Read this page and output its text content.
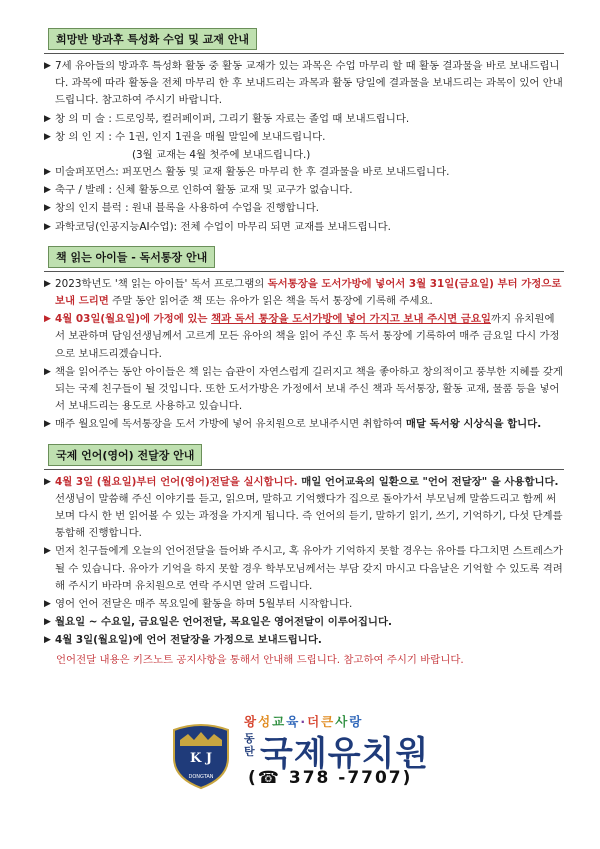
희망반 방과후 특성화 수업 및 교재 안내
▶ 7세 유아들의 방과후 특성화 활동 중 활동 교재가 있는 과목은 수업 마무리 할 때 활동 결과물을 바로 보내드립니다. 과목에 따라 활동을 전체 마무리 한 후 보내드리는 과목과 활동 당일에 결과물을 보내드리는 과목이 있어 안내드립니다. 참고하여 주시기 바랍니다.
▶ 창 의 미 술 : 드로잉북, 컬러페이퍼, 그리기 활동 자료는 졸업 때 보내드립니다.
▶ 창 의 인 지 : 수 1권, 인지 1권을 매월 말일에 보내드립니다.
(3월 교재는 4월 첫주에 보내드립니다.)
▶ 미술퍼포먼스: 퍼포먼스 활동 및 교재 활동은 마무리 한 후 결과물을 바로 보내드립니다.
▶ 축구 / 발레 : 신체 활동으로 인하여 활동 교재 및 교구가 없습니다.
▶ 창의 인지 블럭 : 원내 블록을 사용하여 수업을 진행합니다.
▶ 과학코딩(인공지능AI수업): 전체 수업이 마무리 되면 교재를 보내드립니다.
책 읽는 아이들 - 독서통장 안내
▶ 2023학년도 '책 읽는 아이들' 독서 프로그램의 독서통장을 도서가방에 넣어서 3월 31일(금요일) 부터 가정으로 보내 드리면 주말 동안 읽어준 책 또는 유아가 읽은 책을 독서 통장에 기록해 주세요.
▶ 4월 03일(월요일)에 가정에 있는 책과 독서 통장을 도서가방에 넣어 가지고 보내 주시면 금요일까지 유치원에서 보관하며 담임선생님께서 고르게 모든 유아의 책을 읽어 주신 후 독서 통장에 기록하여 매주 금요일 다시 가정으로 보내드리겠습니다.
▶ 책을 읽어주는 동안 아이들은 책 읽는 습관이 자연스럽게 길러지고 책을 좋아하고 창의적이고 풍부한 지혜를 갖게 되는 국제 친구들이 될 것입니다. 또한 도서가방은 가정에서 보내 주신 책과 독서통장, 활동 교재, 물품 등을 넣어서 보내드리는 용도로 사용하고 있습니다.
▶ 매주 월요일에 독서통장을 도서 가방에 넣어 유치원으로 보내주시면 취합하여 매달 독서왕 시상식을 합니다.
국제 언어(영어) 전달장 안내
▶ 4월 3일 (월요일)부터 언어(영어)전달을 실시합니다. 매일 언어교육의 일환으로 "언어 전달장" 을 사용합니다. 선생님이 말씀해 주신 이야기를 듣고, 읽으며, 말하고 기억했다가 집으로 돌아가서 부모님께 말씀드리고 함께 써보며 다시 한 번 읽어볼 수 있는 과정을 가지게 됩니다. 즉 언어의 듣기, 말하기 읽기, 쓰기, 기억하기, 다섯 단계를 통합해 진행합니다.
▶ 먼저 친구들에게 오늘의 언어전달을 들어봐 주시고, 혹 유아가 기억하지 못할 경우는 유아를 다그치면 스트레스가 될 수 있습니다. 유아가 기억을 하지 못할 경우 학부모님께서는 부담 갖지 마시고 다음날은 기억할 수 있도록 격려해 주시기 바라며 유치원으로 연락 주시면 알려 드립니다.
▶ 영어 언어 전달은 매주 목요일에 활동을 하며 5월부터 시작합니다.
▶ 월요일 ~ 수요일, 금요일은 언어전달, 목요일은 영어전달이 이루어집니다.
▶ 4월 3일(월요일)에 언어 전달장을 가정으로 보내드립니다.
언어전달 내용은 키즈노트 공지사항을 통해서 안내해 드립니다. 참고하여 주시기 바랍니다.
K J
DONGTAN
왕성교육·더큰사랑
동탄 국제유치원
(☎ 378 -7707)
